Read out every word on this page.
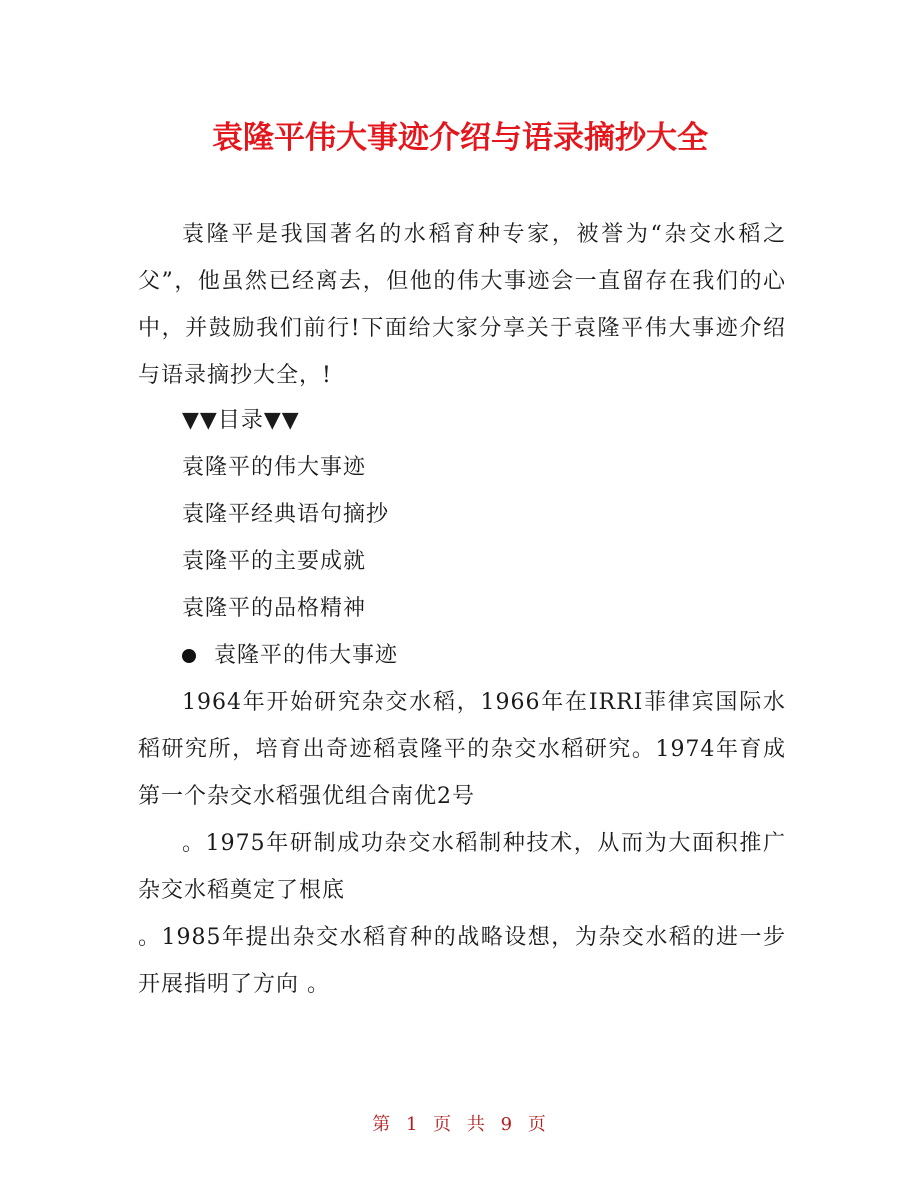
袁隆平伟大事迹介绍与语录摘抄大全

袁隆平是我国著名的水稻育种专家，被誉为“杂交水稻之父”，他虽然已经离去，但他的伟大事迹会一直留存在我们的心中，并鼓励我们前行!下面给大家分享关于袁隆平伟大事迹介绍与语录摘抄大全，!

▼▼目录▼▼
袁隆平的伟大事迹
袁隆平经典语句摘抄
袁隆平的主要成就
袁隆平的品格精神
袁隆平的伟大事迹

1964年开始研究杂交水稻，1966年在IRRI菲律宾国际水稻研究所，培育出奇迹稻袁隆平的杂交水稻研究。1974年育成第一个杂交水稻强优组合南优2号

。1975年研制成功杂交水稻制种技术，从而为大面积推广杂交水稻奠定了根底

。1985年提出杂交水稻育种的战略设想，为杂交水稻的进一步开展指明了方向 。

第 1 页 共 9 页
